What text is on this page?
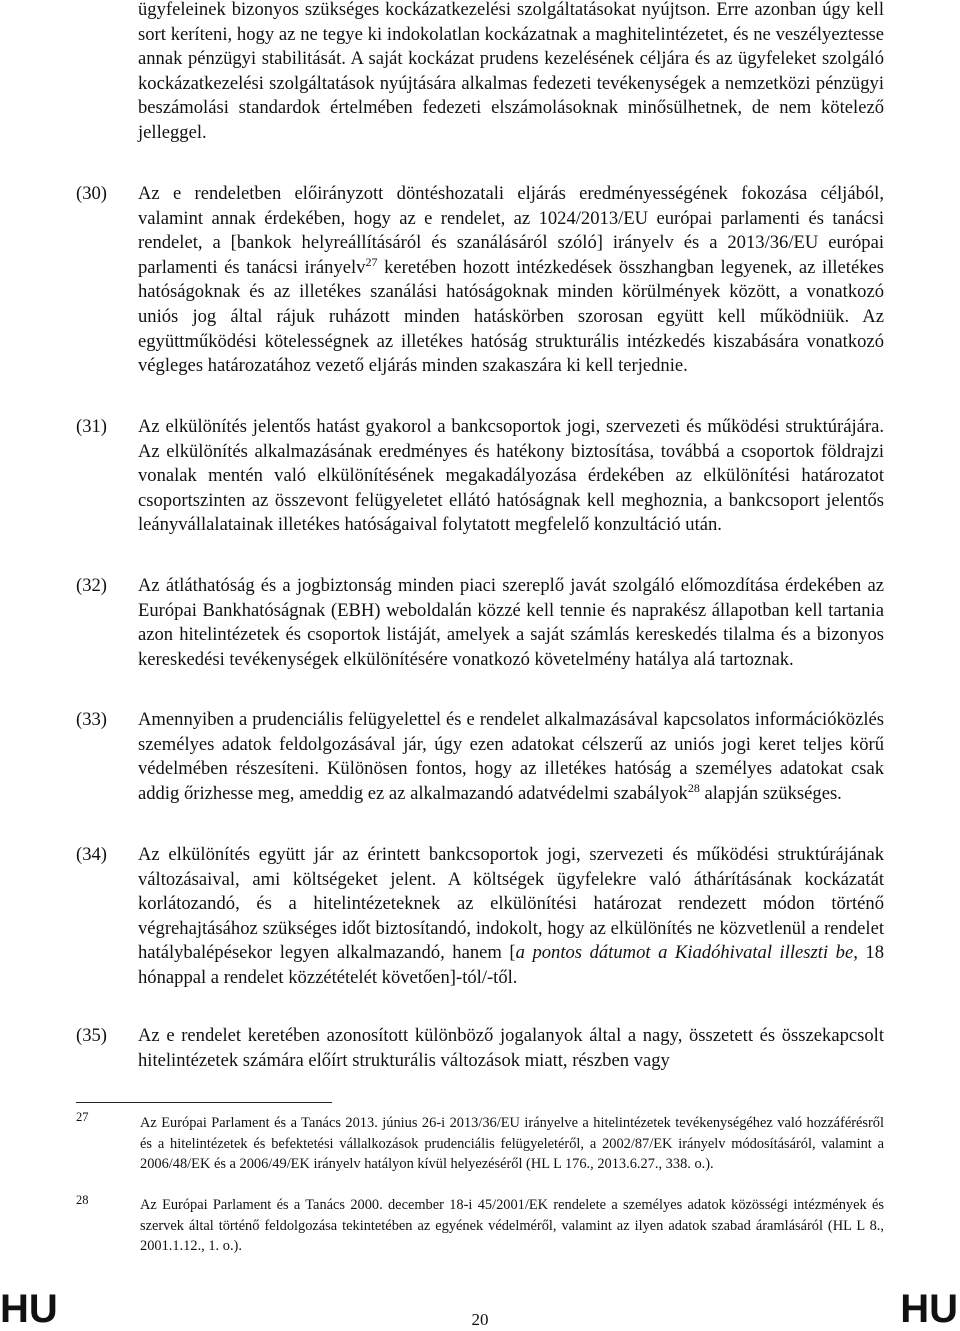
ügyfeleinek bizonyos szükséges kockázatkezelési szolgáltatásokat nyújtson. Erre azonban úgy kell sort keríteni, hogy az ne tegye ki indokolatlan kockázatnak a maghitelintézetet, és ne veszélyeztesse annak pénzügyi stabilitását. A saját kockázat prudens kezelésének céljára és az ügyfeleket szolgáló kockázatkezelési szolgáltatások nyújtására alkalmas fedezeti tevékenységek a nemzetközi pénzügyi beszámolási standardok értelmében fedezeti elszámolásoknak minősülhetnek, de nem kötelező jelleggel.
(30) Az e rendeletben előirányzott döntéshozatali eljárás eredményességének fokozása céljából, valamint annak érdekében, hogy az e rendelet, az 1024/2013/EU európai parlamenti és tanácsi rendelet, a [bankok helyreállításáról és szanálásáról szóló] irányelv és a 2013/36/EU európai parlamenti és tanácsi irányelv$^{27}$ keretében hozott intézkedések összhangban legyenek, az illetékes hatóságoknak és az illetékes szanálási hatóságoknak minden körülmények között, a vonatkozó uniós jog által rájuk ruházott minden hatáskörben szorosan együtt kell működniük. Az együttműködési kötelességnek az illetékes hatóság strukturális intézkedés kiszabására vonatkozó végleges határozatához vezető eljárás minden szakaszára ki kell terjednie.
(31) Az elkülönítés jelentős hatást gyakorol a bankcsoportok jogi, szervezeti és működési struktúrájára. Az elkülönítés alkalmazásának eredményes és hatékony biztosítása, továbbá a csoportok földrajzi vonalak mentén való elkülönítésének megakadályozása érdekében az elkülönítési határozatot csoportszinten az összevont felügyeletet ellátó hatóságnak kell meghoznia, a bankcsoport jelentős leányvállalatainak illetékes hatóságaival folytatott megfelelő konzultáció után.
(32) Az átláthatóság és a jogbiztonság minden piaci szereplő javát szolgáló előmozdítása érdekében az Európai Bankhatóságnak (EBH) weboldalán közzé kell tennie és naprakész állapotban kell tartania azon hitelintézetek és csoportok listáját, amelyek a saját számlás kereskedés tilalma és a bizonyos kereskedési tevékenységek elkülönítésére vonatkozó követelmény hatálya alá tartoznak.
(33) Amennyiben a prudenciális felügyelettel és e rendelet alkalmazásával kapcsolatos információközlés személyes adatok feldolgozásával jár, úgy ezen adatokat célszerű az uniós jogi keret teljes körű védelmében részesíteni. Különösen fontos, hogy az illetékes hatóság a személyes adatokat csak addig őrizhesse meg, ameddig ez az alkalmazandó adatvédelmi szabályok$^{28}$ alapján szükséges.
(34) Az elkülönítés együtt jár az érintett bankcsoportok jogi, szervezeti és működési struktúrájának változásaival, ami költségeket jelent. A költségek ügyfelekre való áthárításának kockázatát korlátozandó, és a hitelintézeteknek az elkülönítési határozat rendezett módon történő végrehajtásához szükséges időt biztosítandó, indokolt, hogy az elkülönítés ne közvetlenül a rendelet hatálybalépésekor legyen alkalmazandó, hanem [a pontos dátumot a Kiadóhivatal illeszti be, 18 hónappal a rendelet közzétételét követően]-tól/-től.
(35) Az e rendelet keretében azonosított különböző jogalanyok által a nagy, összetett és összekapcsolt hitelintézetek számára előírt strukturális változások miatt, részben vagy
27	Az Európai Parlament és a Tanács 2013. június 26-i 2013/36/EU irányelve a hitelintézetek tevékenységéhez való hozzáférésről és a hitelintézetek és befektetési vállalkozások prudenciális felügyeletéről, a 2002/87/EK irányelv módosításáról, valamint a 2006/48/EK és a 2006/49/EK irányelv hatályon kívül helyezéséről (HL L 176., 2013.6.27., 338. o.).
28	Az Európai Parlament és a Tanács 2000. december 18-i 45/2001/EK rendelete a személyes adatok közösségi intézmények és szervek által történő feldolgozása tekintetében az egyének védelméről, valamint az ilyen adatok szabad áramlásáról (HL L 8., 2001.1.12., 1. o.).
HU	20	HU
